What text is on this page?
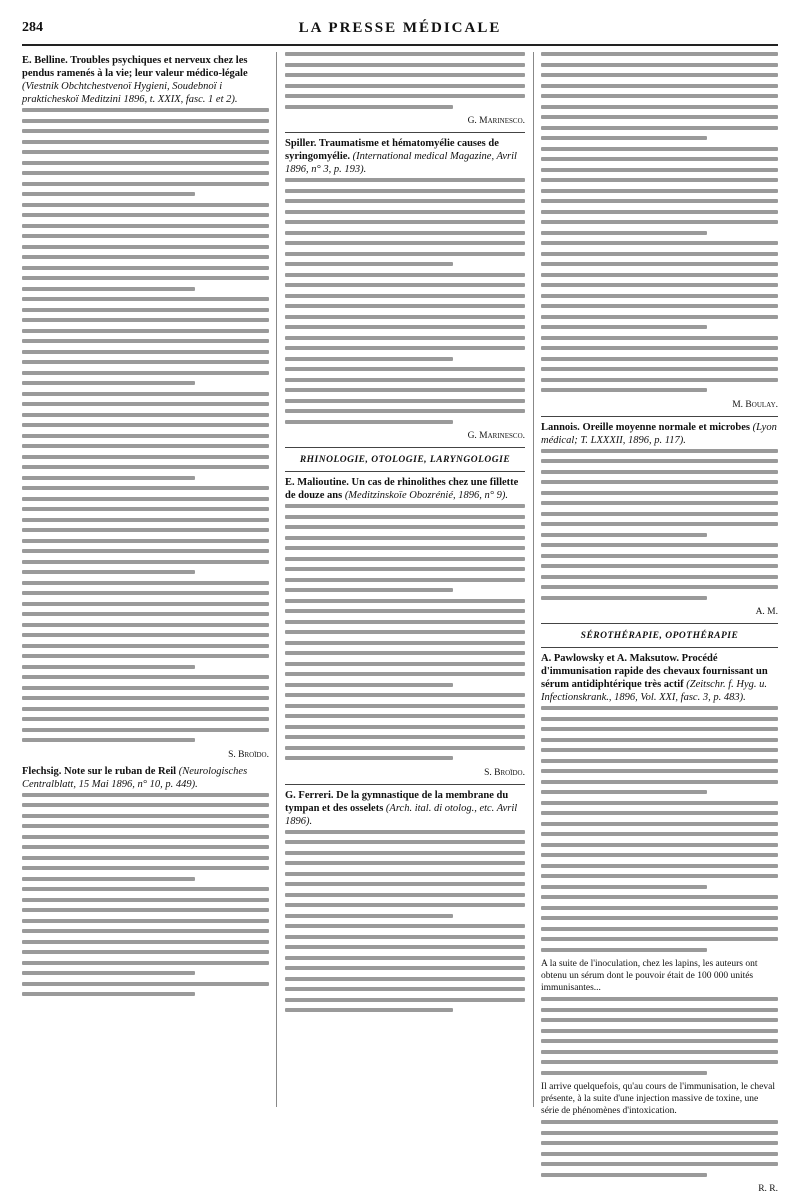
284	LA PRESSE MÉDICALE
E. Belline. Troubles psychiques et nerveux chez les pendus ramenés à la vie; leur valeur médico-légale (Viestnik Obchtchestvenoï Hygieni, Soudebnoï i prakticheskoï Meditzini 1896, t. XXIX, fasc. 1 et 2).
S. Broïdo.
Flechsig. Note sur le ruban de Reil (Neurologisches Centralblatt, 15 Mai 1896, n° 10, p. 449).
G. Marinesco.
Spiller. Traumatisme et hématomyélie causes de syringomyélie. (International medical Magazine, Avril 1896, n° 3, p. 193).
G. Marinesco.
RHINOLOGIE, OTOLOGIE, LARYNGOLOGIE
E. Malioutine. Un cas de rhinolithes chez une fillette de douze ans (Meditzinskoïe Obozrénié, 1896, n° 9).
S. Broïdo.
G. Ferreri. De la gymnastique de la membrane du tympan et des osselets (Arch. ital. di otolog., etc. Avril 1896).
M. Boulay.
Lannois. Oreille moyenne normale et microbes (Lyon médical; T. LXXXII, 1896, p. 117).
A. M.
SÉROTHÉRAPIE, OPOTHÉRAPIE
A. Pawlowsky et A. Maksutow. Procédé d'immunisation rapide des chevaux fournissant un sérum antidiphtérique très actif (Zeitschr. f. Hyg. u. Infectionskrank., 1896, Vol. XXI, fasc. 3, p. 483).
A la suite de l'inoculation, chez les lapins, les auteurs ont obtenu un sérum dont le pouvoir était de 100 000 unités immunisantes...
Il arrive quelquefois, qu'au cours de l'immunisation, le cheval présente, à la suite d'une injection massive de toxine, une série de phénomènes d'intoxication.
R. R.
